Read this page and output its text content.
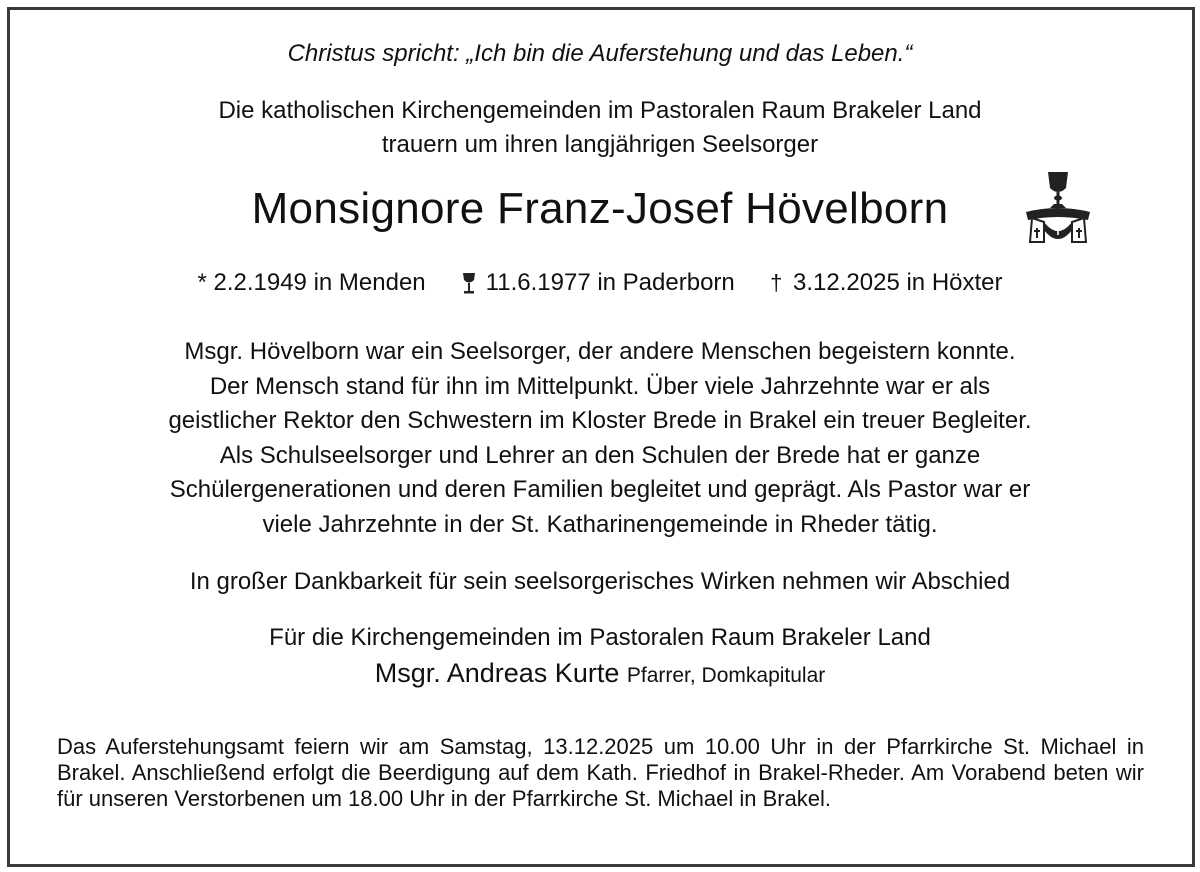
Christus spricht: „Ich bin die Auferstehung und das Leben.“
Die katholischen Kirchengemeinden im Pastoralen Raum Brakeler Land
trauern um ihren langjährigen Seelsorger
Monsignore Franz-Josef Hövelborn
* 2.2.1949 in Menden	11.6.1977 in Paderborn † 3.12.2025 in Höxter
Msgr. Hövelborn war ein Seelsorger, der andere Menschen begeistern konnte.
Der Mensch stand für ihn im Mittelpunkt. Über viele Jahrzehnte war er als
geistlicher Rektor den Schwestern im Kloster Brede in Brakel ein treuer Begleiter.
Als Schulseelsorger und Lehrer an den Schulen der Brede hat er ganze
Schülergenerationen und deren Familien begleitet und geprägt. Als Pastor war er
viele Jahrzehnte in der St. Katharinengemeinde in Rheder tätig.
In großer Dankbarkeit für sein seelsorgerisches Wirken nehmen wir Abschied
Für die Kirchengemeinden im Pastoralen Raum Brakeler Land
Msgr. Andreas Kurte Pfarrer, Domkapitular
Das Auferstehungsamt feiern wir am Samstag, 13.12.2025 um 10.00 Uhr in der Pfarrkirche St. Michael in Brakel. Anschließend erfolgt die Beerdigung auf dem Kath. Friedhof in Brakel-Rheder. Am Vorabend beten wir für unseren Verstorbenen um 18.00 Uhr in der Pfarrkirche St. Michael in Brakel.
